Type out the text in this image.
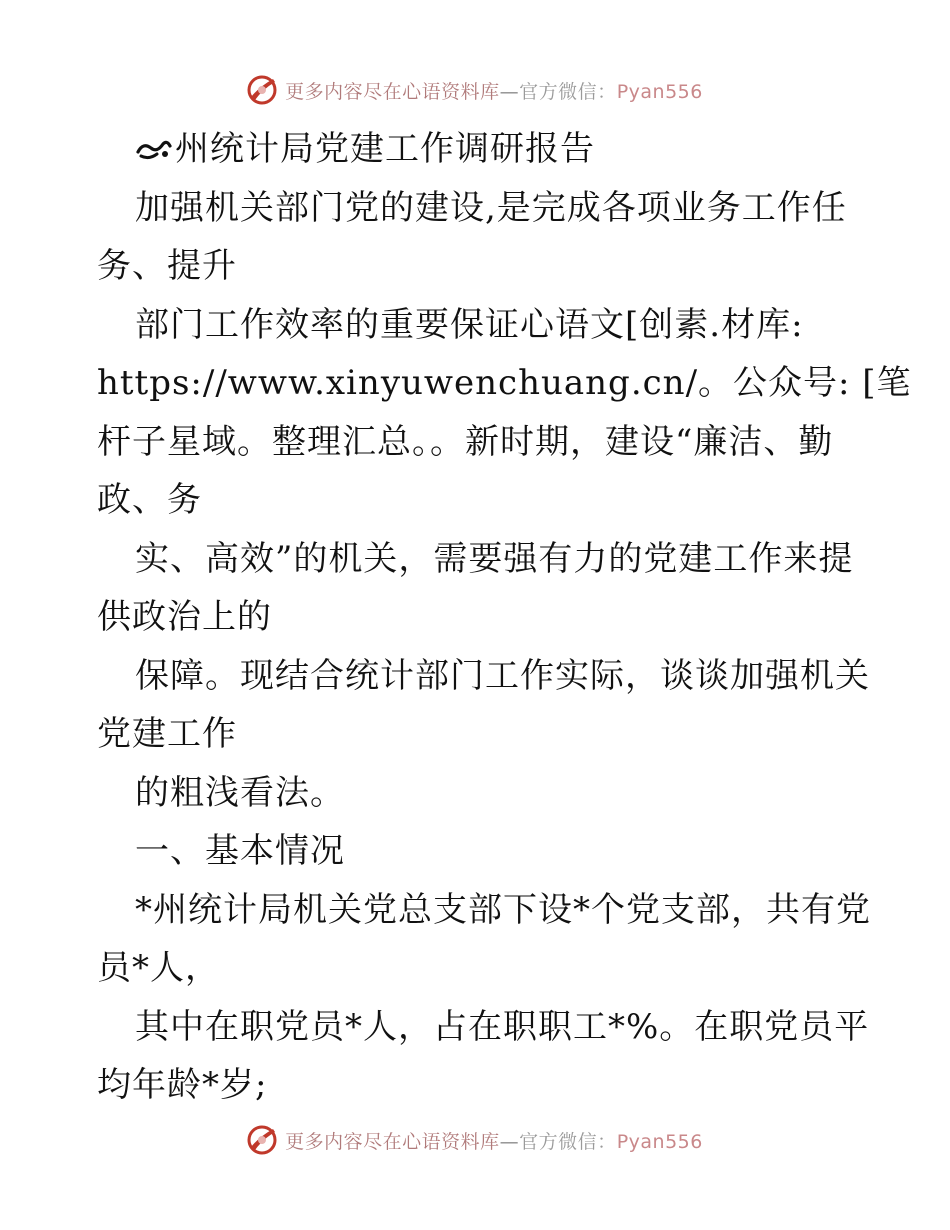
更多内容尽在心语资料库—官方微信：Pyan556
州统计局党建工作调研报告
加强机关部门党的建设,是完成各项业务工作任
务、提升
部门工作效率的重要保证心语文[创素.材库:
https://www.xinyuwenchuang.cn/。公众号: [笔
杆子星域。整理汇总。。新时期，建设“廉洁、勤
政、务
实、高效”的机关，需要强有力的党建工作来提
供政治上的
保障。现结合统计部门工作实际，谈谈加强机关
党建工作
的粗浅看法。
一、基本情况
*州统计局机关党总支部下设*个党支部，共有党
员*人，
其中在职党员*人，占在职职工*%。在职党员平
均年龄*岁;
更多内容尽在心语资料库—官方微信：Pyan556
